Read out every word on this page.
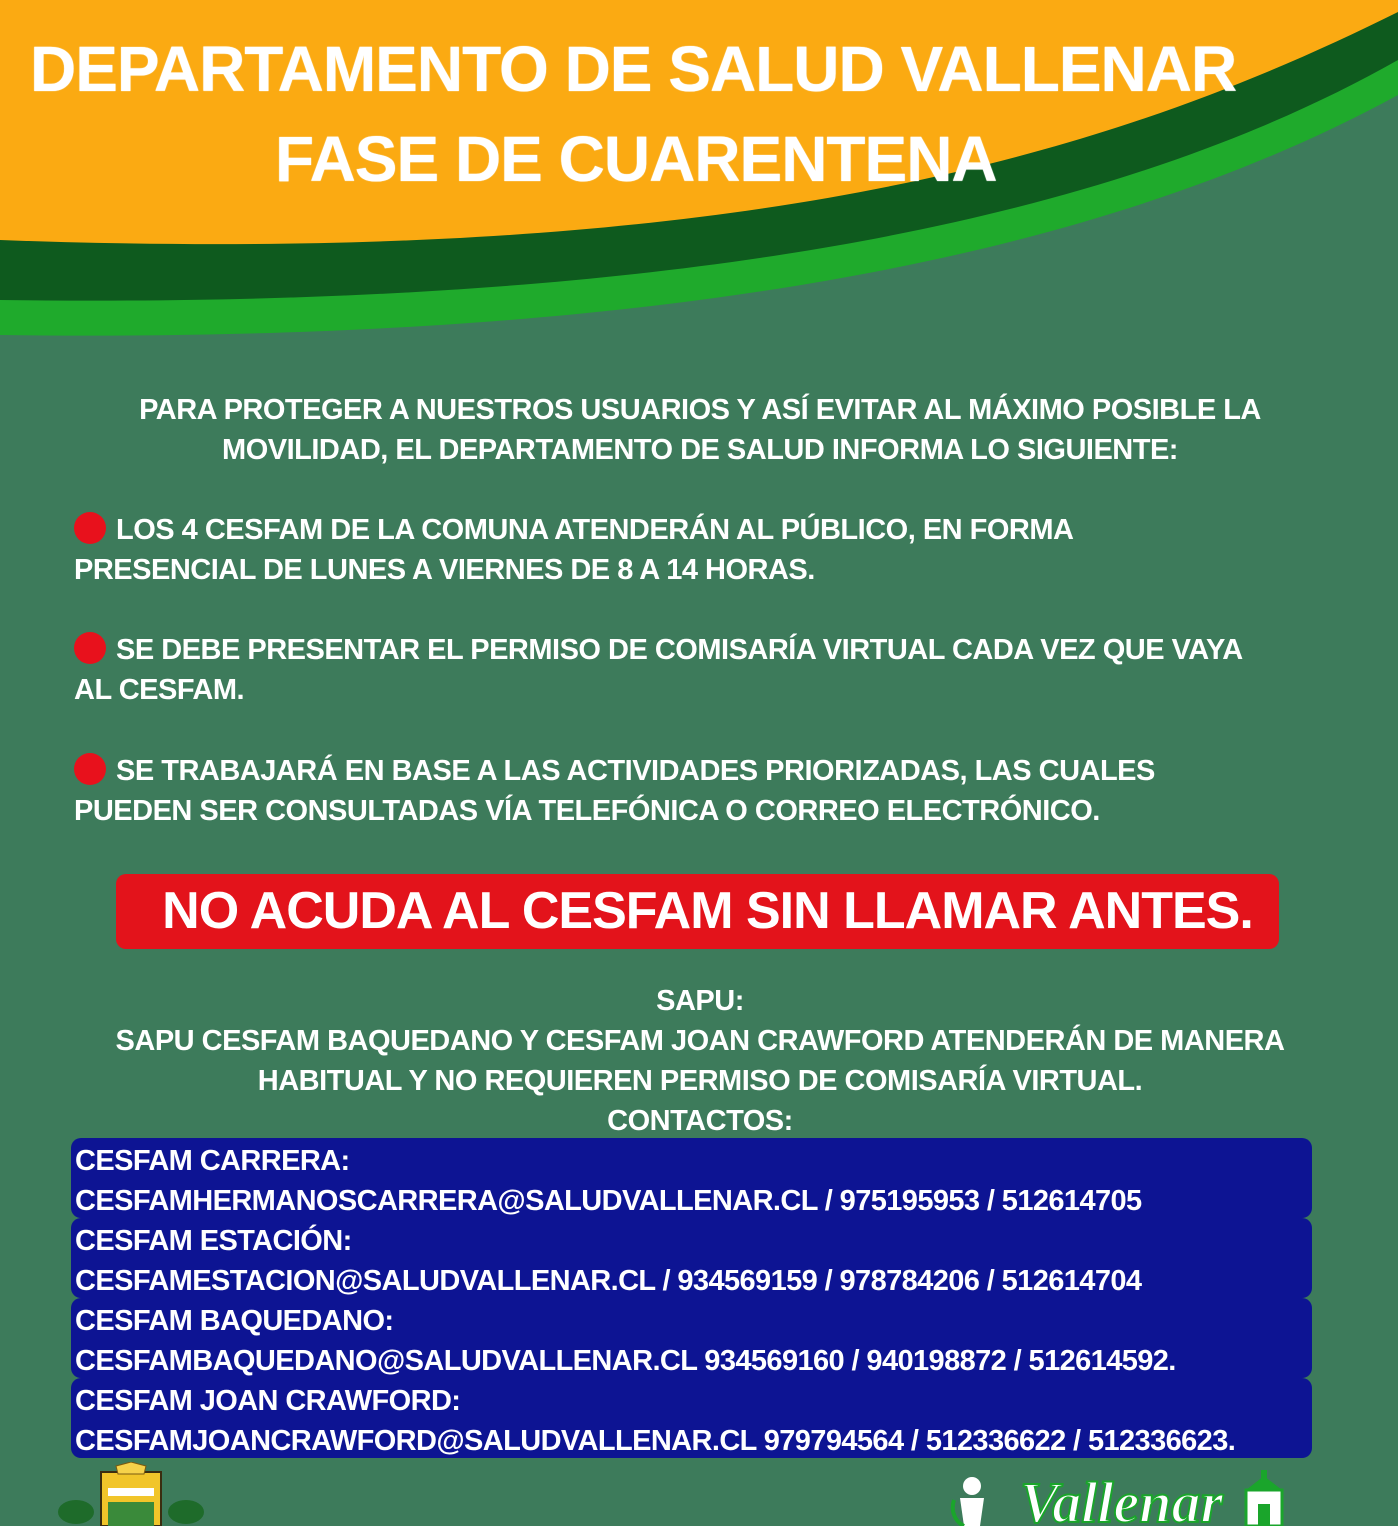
DEPARTAMENTO DE SALUD VALLENAR
FASE DE CUARENTENA
PARA PROTEGER A NUESTROS USUARIOS Y ASÍ EVITAR AL MÁXIMO POSIBLE LA
MOVILIDAD, EL DEPARTAMENTO DE SALUD INFORMA LO SIGUIENTE:
LOS 4 CESFAM DE LA COMUNA ATENDERÁN AL PÚBLICO, EN FORMA
PRESENCIAL DE LUNES A VIERNES DE 8 A 14 HORAS.
SE DEBE PRESENTAR EL PERMISO DE COMISARÍA VIRTUAL CADA VEZ QUE VAYA
AL CESFAM.
SE TRABAJARÁ EN BASE A LAS ACTIVIDADES PRIORIZADAS, LAS CUALES
PUEDEN SER CONSULTADAS VÍA TELEFÓNICA O CORREO ELECTRÓNICO.
NO ACUDA AL CESFAM SIN LLAMAR ANTES.
SAPU:
SAPU CESFAM BAQUEDANO Y CESFAM JOAN CRAWFORD ATENDERÁN DE MANERA
HABITUAL Y NO REQUIEREN PERMISO DE COMISARÍA VIRTUAL.
CONTACTOS:
CESFAM CARRERA:
CESFAMHERMANOSCARRERA@SALUDVALLENAR.CL / 975195953 / 512614705
CESFAM ESTACIÓN:
CESFAMESTACION@SALUDVALLENAR.CL / 934569159 / 978784206 / 512614704
CESFAM BAQUEDANO:
CESFAMBAQUEDANO@SALUDVALLENAR.CL 934569160 / 940198872 / 512614592.
CESFAM JOAN CRAWFORD:
CESFAMJOANCRAWFORD@SALUDVALLENAR.CL 979794564 / 512336622 / 512336623.
Vallenar
